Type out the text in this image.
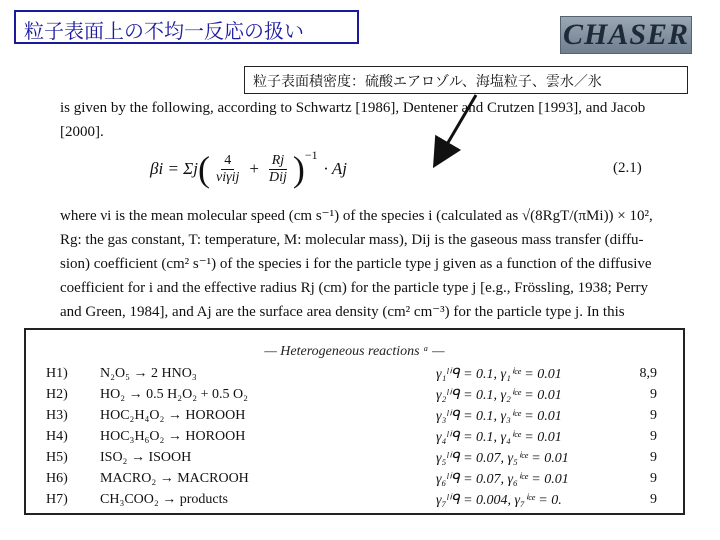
粒子表面上の不均一反応の扱い	CHASER
粒子表面積密度：硫酸エアロゾル、海塩粒子、雲水／氷
is given by the following, according to Schwartz [1986], Dentener and Crutzen [1993], and Jacob
[2000].
βi = Σj ( $\frac{4}{\text{νiγij}} + \frac{Rj}{\text{Dij}} )^{-1}$
· Aj	(2.1)
where νi is the mean molecular speed (cm s⁻¹) of the species i (calculated as √(8RgT/(πMi)) × 10²,
Rg: the gas constant, T: temperature, M: molecular mass), Dij is the gaseous mass transfer (diffu-
sion) coefficient (cm² s⁻¹) of the species i for the particle type j given as a function of the diffusive
coefficient for i and the effective radius Rj (cm) for the particle type j [e.g., Frössling, 1938; Perry
and Green, 1984], and Aj are the surface area density (cm² cm⁻³) for the particle type j. In this
— Heterogeneous reactions ᵃ —
H1) N₂O₅ → 2 HNO₃	γ₁ˡⁱᑫ = 0.1, γ₁ⁱᶜᵉ = 0.01	8,9
H2) HO₂ → 0.5 H₂O₂ + 0.5 O₂	γ₂ˡⁱᑫ = 0.1, γ₂ⁱᶜᵉ = 0.01	9
H3) HOC₂H₄O₂ → HOROOH	γ₃ˡⁱᑫ = 0.1, γ₃ⁱᶜᵉ = 0.01	9
H4) HOC₃H₆O₂ → HOROOH	γ₄ˡⁱᑫ = 0.1, γ₄ⁱᶜᵉ = 0.01	9
H5) ISO₂ → ISOOH	γ₅ˡⁱᑫ = 0.07, γ₅ⁱᶜᵉ = 0.01	9
H6) MACRO₂ → MACROOH	γ₆ˡⁱᑫ = 0.07, γ₆ⁱᶜᵉ = 0.01	9
H7) CH₃COO₂ → products	γ₇ˡⁱᑫ = 0.004, γ₇ⁱᶜᵉ = 0.	9
